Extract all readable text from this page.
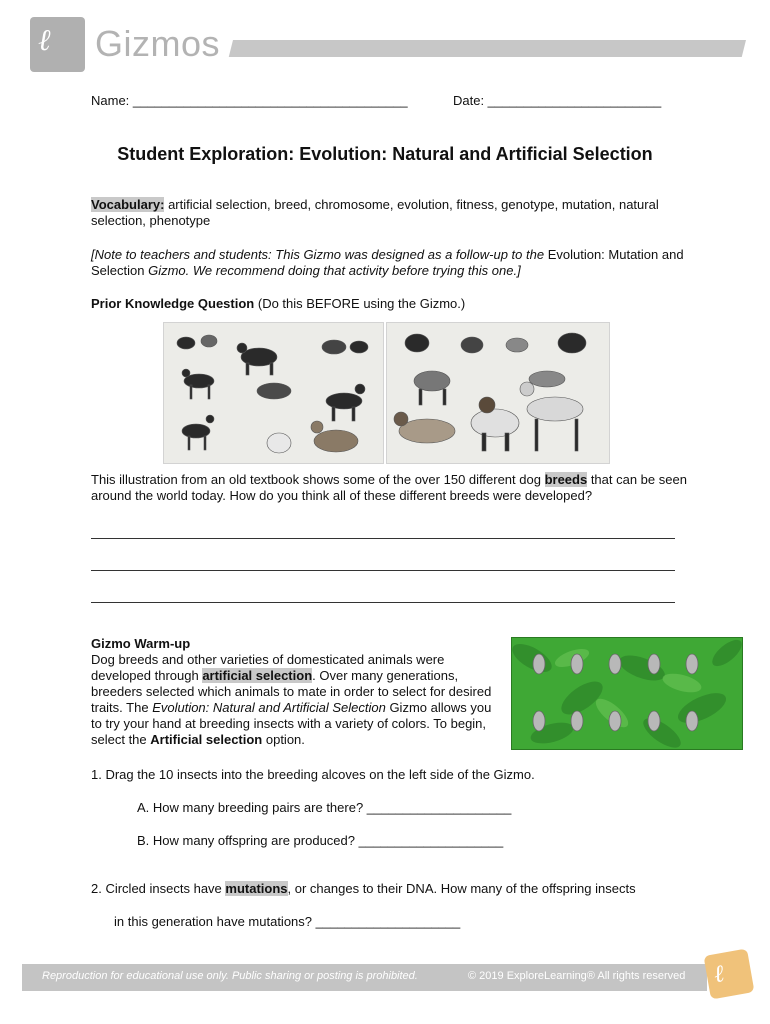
ℓ Gizmos
Name: ______________________________________	Date: ________________________
Student Exploration: Evolution: Natural and Artificial Selection
Vocabulary: artificial selection, breed, chromosome, evolution, fitness, genotype, mutation, natural selection, phenotype
[Note to teachers and students: This Gizmo was designed as a follow-up to the Evolution: Mutation and Selection Gizmo. We recommend doing that activity before trying this one.]
Prior Knowledge Question (Do this BEFORE using the Gizmo.)
This illustration from an old textbook shows some of the over 150 different dog breeds that can be seen around the world today. How do you think all of these different breeds were developed?
Gizmo Warm-up
Dog breeds and other varieties of domesticated animals were developed through artificial selection. Over many generations, breeders selected which animals to mate in order to select for desired traits. The Evolution: Natural and Artificial Selection Gizmo allows you to try your hand at breeding insects with a variety of colors. To begin, select the Artificial selection option.
1. Drag the 10 insects into the breeding alcoves on the left side of the Gizmo.
A. How many breeding pairs are there? ____________________
B. How many offspring are produced? ____________________
2. Circled insects have mutations, or changes to their DNA. How many of the offspring insects
in this generation have mutations? ____________________
Reproduction for educational use only. Public sharing or posting is prohibited.	© 2019 ExploreLearning® All rights reserved ℓ
